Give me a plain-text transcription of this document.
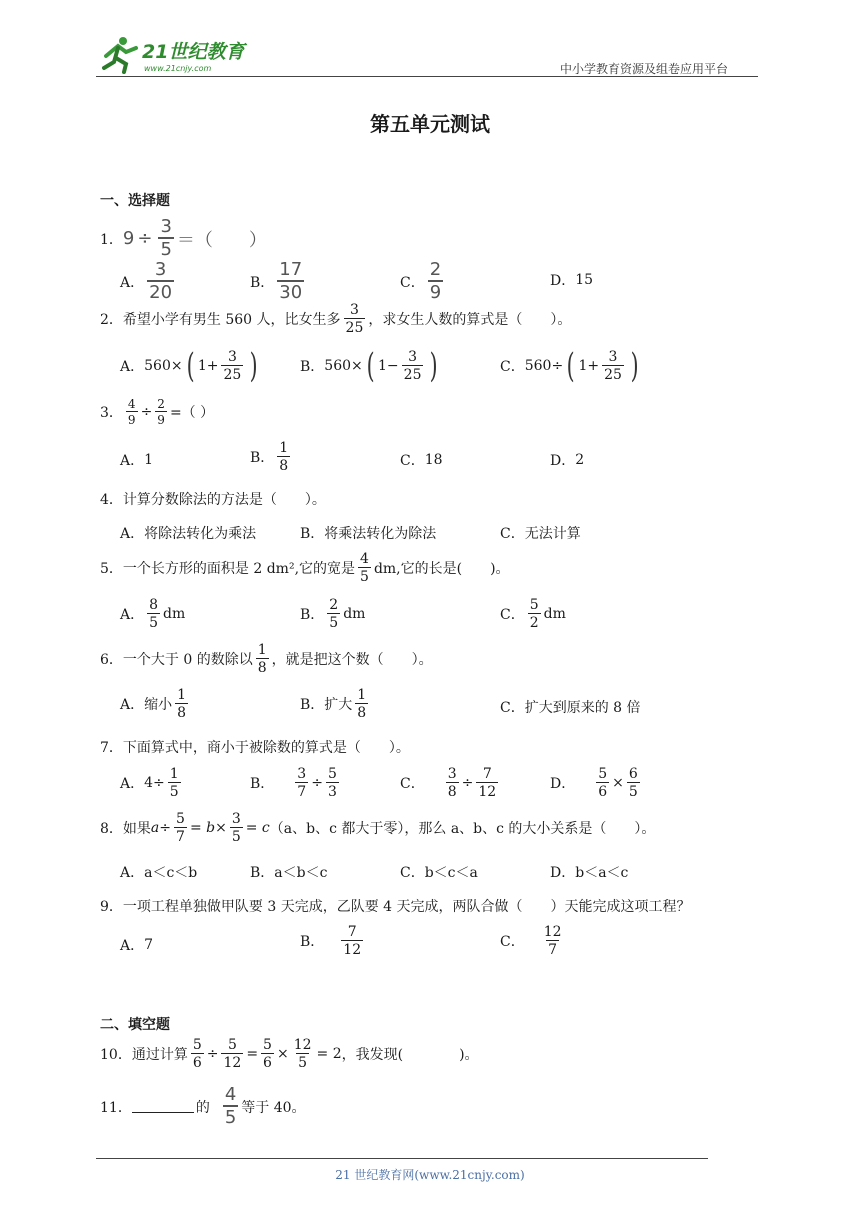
21世纪教育
www.21cnjy.com	中小学教育资源及组卷应用平台
第五单元测试
一、选择题
1． $9 \div \frac{3}{5}$ ＝（　　）
A． $\frac{3}{20}$	B． $\frac{17}{30}$	C． $\frac{2}{9}$	D． 15
2．希望小学有男生 560 人，比女生多 $\frac{3}{25}$ ，求女生人数的算式是（　　）。
A． 560× ( $1+ \frac{3}{25}$ )	B． 560× ( $1- \frac{3}{25}$ )	C． 560÷ ( $1+ \frac{3}{25}$ )
3． $\frac{4}{9} \div \frac{2}{9}$ =（ ）
A． 1	B． $\frac{1}{8}$	C． 18	D． 2
4．计算分数除法的方法是（　　）。
A． 将除法转化为乘法	B． 将乘法转化为除法	C． 无法计算
5．一个长方形的面积是 2 dm²,它的宽是 $\frac{4}{5}$ dm,它的长是(　　)。
A． $\frac{8}{5}$ dm	B． $\frac{2}{5}$ dm	C． $\frac{5}{2}$ dm
6．一个大于 0 的数除以 $\frac{1}{8}$ ，就是把这个数（　　）。
A． 缩小 $\frac{1}{8}$	B． 扩大 $\frac{1}{8}$	C． 扩大到原来的 8 倍
7．下面算式中，商小于被除数的算式是（　　）。
A． $4\div \frac{1}{5}$	B． $\frac{3}{7} \div \frac{5}{3}$	C． $\frac{3}{8} \div \frac{7}{12}$	D． $\frac{5}{6} \times \frac{6}{5}$
8．如果 $a \div \frac{5}{7} = b\times \frac{3}{5} = c$ （a、b、c 都大于零），那么 a、b、c 的大小关系是（　　）。
A． a＜c＜b	B． a＜b＜c	C． b＜c＜a	D． b＜a＜c
9．一项工程单独做甲队要 3 天完成，乙队要 4 天完成，两队合做（　　）天能完成这项工程？
A． 7	B． $\frac{7}{12}$	C． $\frac{12}{7}$
二、填空题
10．通过计算 $\frac{5}{6} \div \frac{5}{12} = \frac{5}{6} \times \frac{12}{5} = 2$ ，我发现(　　　　)。
11．	的 $\frac{4}{5}$ 等于 40。
21 世纪教育网(www.21cnjy.com)
